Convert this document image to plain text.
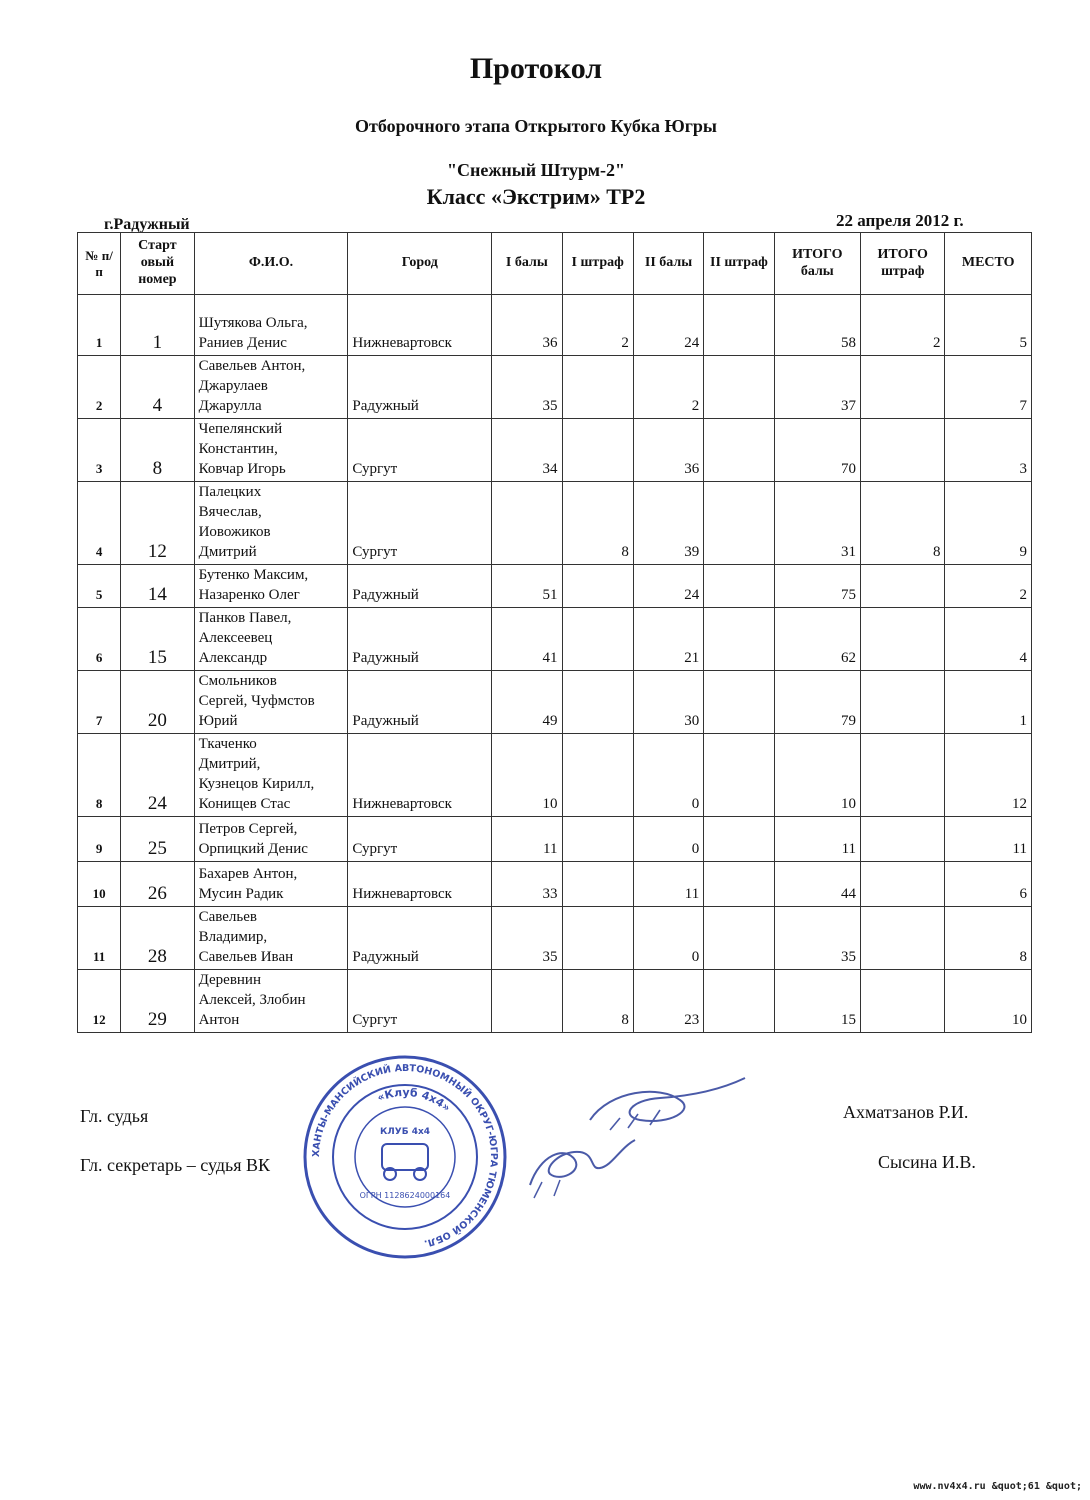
Протокол
Отборочного этапа Открытого Кубка Югры
"Снежный Штурм-2"
Класс «Экстрим» ТР2
г.Радужный	22 апреля 2012 г.
№ п/п	Старт овый номер	Ф.И.О.	Город	I балы	I штраф	II балы	II штраф	ИТОГО балы	ИТОГО штраф	МЕСТО
1	1	Шутякова Ольга,
Раниев Денис	Нижневартовск	36	2	24		58	2	5
2	4	Савельев Антон,
Джарулаев
Джарулла	Радужный	35		2		37		7
3	8	Чепелянский
Константин,
Ковчар Игорь	Сургут	34		36		70		3
4	12	Палецких
Вячеслав,
Иовожиков
Дмитрий	Сургут		8	39		31	8	9
5	14	Бутенко Максим,
Назаренко Олег	Радужный	51		24		75		2
6	15	Панков Павел,
Алексеевец
Александр	Радужный	41		21		62		4
7	20	Смольников
Сергей, Чуфмстов
Юрий	Радужный	49		30		79		1
8	24	Ткаченко
Дмитрий,
Кузнецов Кирилл,
Конищев Стас	Нижневартовск	10		0		10		12
9	25	Петров Сергей,
Орпицкий Денис	Сургут	11		0		11		11
10	26	Бахарев Антон,
Мусин Радик	Нижневартовск	33		11		44		6
11	28	Савельев
Владимир,
Савельев Иван	Радужный	35		0		35		8
12	29	Деревнин
Алексей, Злобин
Антон	Сургут		8	23		15		10
Гл. судья	Ахматзанов Р.И.
Гл. секретарь – судья ВК	Сысина И.В.
ХАНТЫ-МАНСИЙСКИЙ АВТОНОМНЫЙ ОКРУГ-ЮГРА ТЮМЕНСКОЙ ОБЛ.
«Клуб 4х4»
КЛУБ 4х4
ОГРН 1128624000164
www.nv4x4.ru &quot;61 &quot;
